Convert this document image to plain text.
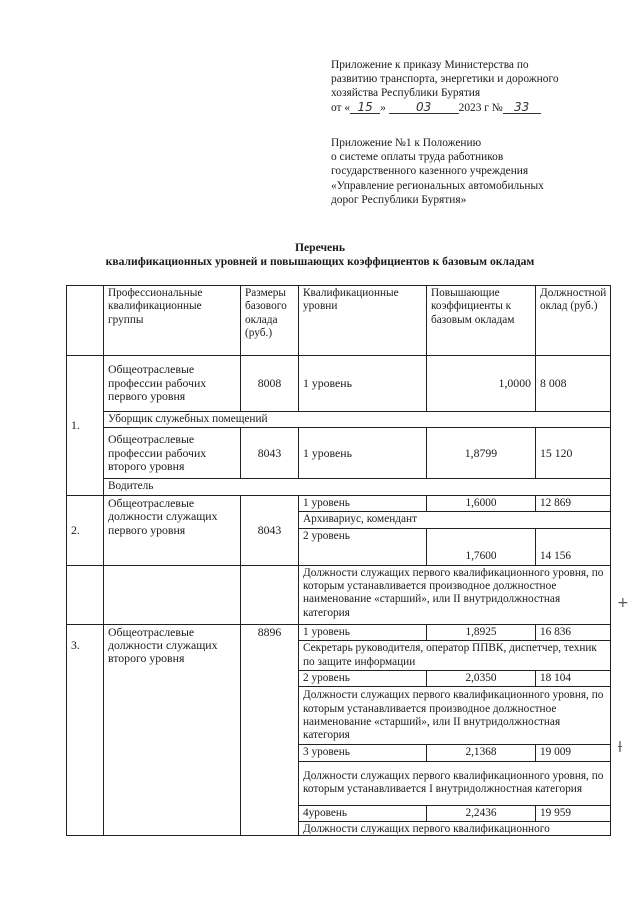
Приложение к приказу Министерства по
развитию транспорта, энергетики и дорожного
хозяйства Республики Бурятия
от « 15 »	03 2023 г № 33
Приложение №1 к Положению
о системе оплаты труда работников
государственного казенного учреждения
«Управление региональных автомобильных
дорог Республики Бурятия»
Перечень
квалификационных уровней и повышающих коэффициентов к базовым окладам
+
ƚ
	Профессиональные квалификационные группы	Размеры базового оклада (руб.)	Квалификационные уровни	Повышающие коэффициенты к базовым окладам	Должностной оклад (руб.)
1.	Общеотраслевые профессии рабочих первого уровня	8008	1 уровень	1,0000	8 008
	Уборщик служебных помещений				
	Общеотраслевые профессии рабочих второго уровня	8043	1 уровень	1,8799	15 120
	Водитель				
2.	Общеотраслевые должности служащих первого уровня	8043	1 уровень	1,6000	12 869
			Архивариус, комендант		
			2 уровень	1,7600	14 156
			Должности служащих первого квалификационного уровня, по которым устанавливается производное должностное наименование «старший», или II внутридолжностная категория		
3.	Общеотраслевые должности служащих второго уровня	8896	1 уровень	1,8925	16 836
			Секретарь руководителя, оператор ППВК, диспетчер, техник по защите информации		
			2 уровень	2,0350	18 104
			Должности служащих первого квалификационного уровня, по которым устанавливается производное должностное наименование «старший», или II внутридолжностная категория		
			3 уровень	2,1368	19 009
			Должности служащих первого квалификационного уровня, по которым устанавливается I внутридолжностная категория		
			4уровень	2,2436	19 959

			Должности служащих первого квалификационного		
